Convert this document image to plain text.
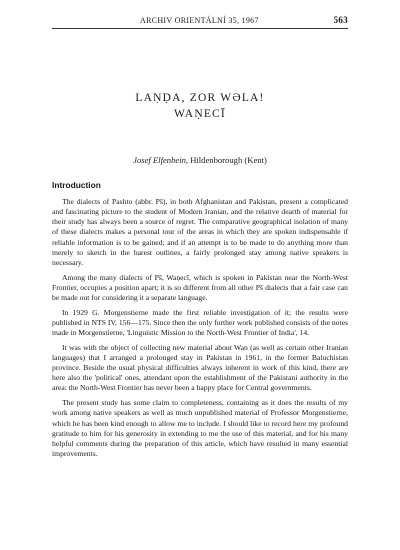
ARCHIV ORIENTÁLNÍ 35, 1967	563
LAṆḌA, ZOR WƏLA!
WAṆECĪ
Josef Elfenbein, Hildenborough (Kent)
Introduction

The dialects of Pashto (abbr. Pš), in both Afghanistan and Pakistan, present a complicated and fascinating picture to the student of Modern Iranian, and the relative dearth of material for their study has always been a source of regret. The comparative geographical isolation of many of these dialects makes a personal tour of the areas in which they are spoken indispensable if reliable information is to be gained; and if an attempt is to be made to do anything more than merely to sketch in the barest outlines, a fairly prolonged stay among native speakers is necessary.

Among the many dialects of Pš, Waṇecī, which is spoken in Pakistan near the North-West Frontier, occupies a position apart; it is so different from all other Pš dialects that a fair case can be made out for considering it a separate language.

In 1929 G. Morgenstierne made the first reliable investigation of it; the results were published in NTS IV, 156—175. Since then the only further work published consists of the notes made in Morgenstierne, 'Linguistic Mission to the North-West Frontier of India', 14.

It was with the object of collecting new material about Wan (as well as certain other Iranian languages) that I arranged a prolonged stay in Pakistan in 1961, in the former Baluchistan province. Beside the usual physical difficulties always inherent in work of this kind, there are here also the 'political' ones, attendant upon the establishment of the Pakistani authority in the area: the North-West Frontier has never been a happy place for Central governments.

The present study has some claim to completeness, containing as it does the results of my work among native speakers as well as much unpublished material of Professor Morgenstierne, which he has been kind enough to allow me to include. I should like to record here my profound gratitude to him for his generosity in extending to me the use of this material, and for his many helpful comments during the preparation of this article, which have resulted in many essential improvements.
